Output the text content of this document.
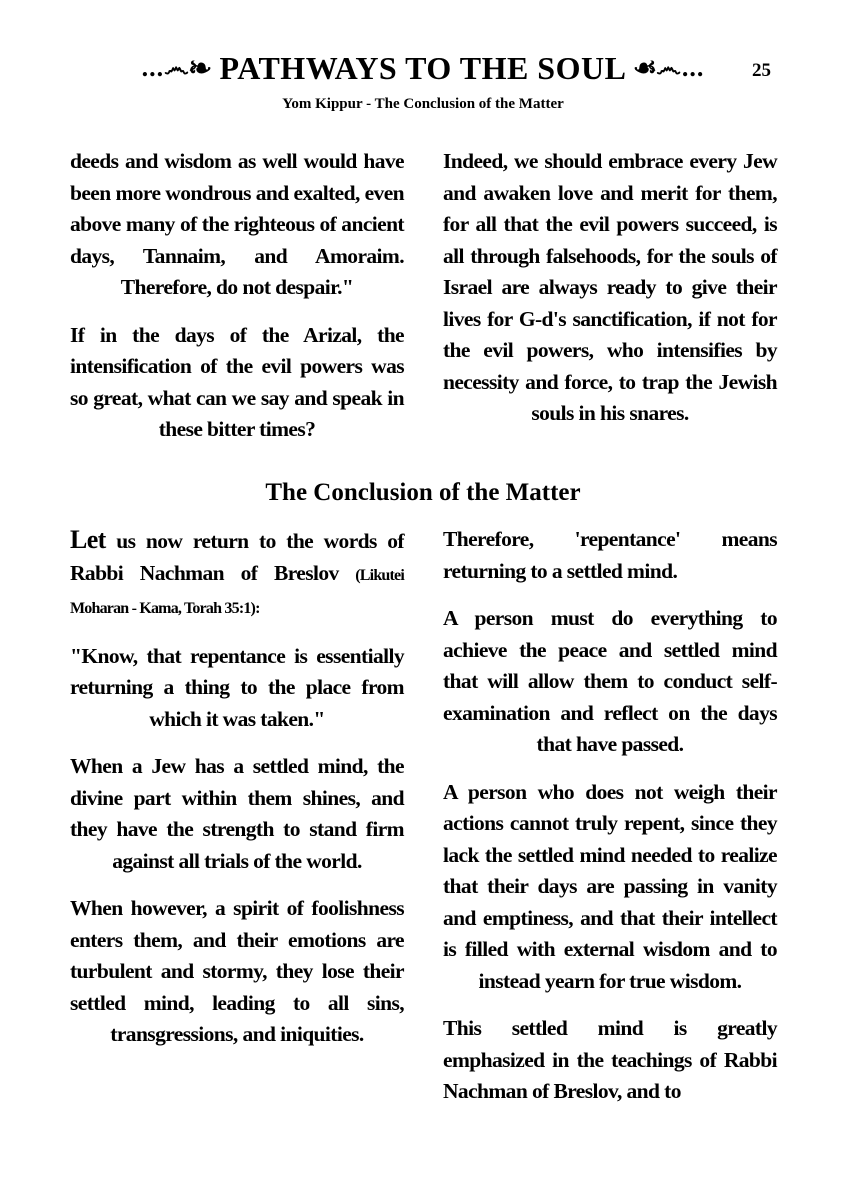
...෴❧ PATHWAYS TO THE SOUL ☙෴...	25
Yom Kippur - The Conclusion of the Matter

deeds and wisdom as well would have been more wondrous and exalted, even above many of the righteous of ancient days, Tannaim, and Amoraim. Therefore, do not despair."

If in the days of the Arizal, the intensification of the evil powers was so great, what can we say and speak in these bitter times?

Indeed, we should embrace every Jew and awaken love and merit for them, for all that the evil powers succeed, is all through falsehoods, for the souls of Israel are always ready to give their lives for G-d's sanctification, if not for the evil powers, who intensifies by necessity and force, to trap the Jewish souls in his snares.

The Conclusion of the Matter

Let us now return to the words of Rabbi Nachman of Breslov (Likutei Moharan - Kama, Torah 35:1):

"Know, that repentance is essentially returning a thing to the place from which it was taken."

When a Jew has a settled mind, the divine part within them shines, and they have the strength to stand firm against all trials of the world.

When however, a spirit of foolishness enters them, and their emotions are turbulent and stormy, they lose their settled mind, leading to all sins, transgressions, and iniquities.

Therefore, 'repentance' means returning to a settled mind.

A person must do everything to achieve the peace and settled mind that will allow them to conduct self-examination and reflect on the days that have passed.

A person who does not weigh their actions cannot truly repent, since they lack the settled mind needed to realize that their days are passing in vanity and emptiness, and that their intellect is filled with external wisdom and to instead yearn for true wisdom.

This settled mind is greatly emphasized in the teachings of Rabbi Nachman of Breslov, and to
